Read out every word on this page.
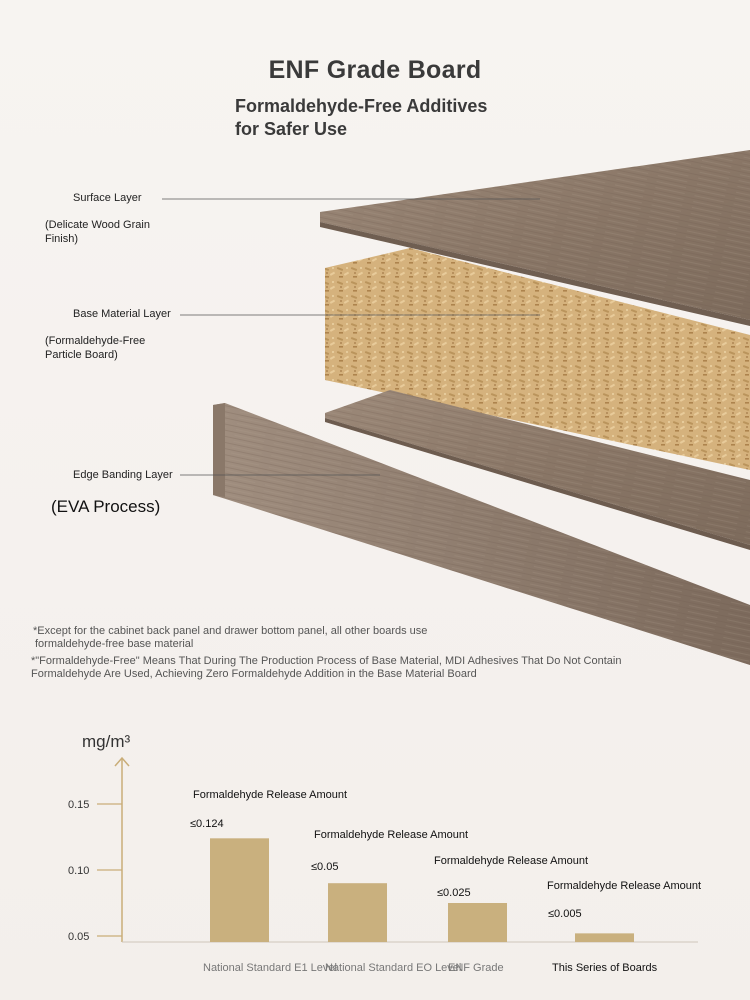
ENF Grade Board
Formaldehyde-Free Additives
for Safer Use
Surface Layer
(Delicate Wood Grain
Finish)
Base Material Layer
(Formaldehyde-Free
Particle Board)
Edge Banding Layer
(EVA Process)
*Except for the cabinet back panel and drawer bottom panel, all other boards use
formaldehyde-free base material
*"Formaldehyde-Free" Means That During The Production Process of Base Material, MDI Adhesives That Do Not Contain
Formaldehyde Are Used, Achieving Zero Formaldehyde Addition in the Base Material Board
mg/m³
0.05
0.10
0.15
Formaldehyde Release Amount
≤0.124
Formaldehyde Release Amount
≤0.05	Formaldehyde Release Amount
≤0.025
Formaldehyde Release Amount
≤0.005
National Standard E1 Level
National Standard EO Level
ENF Grade	This Series of Boards
